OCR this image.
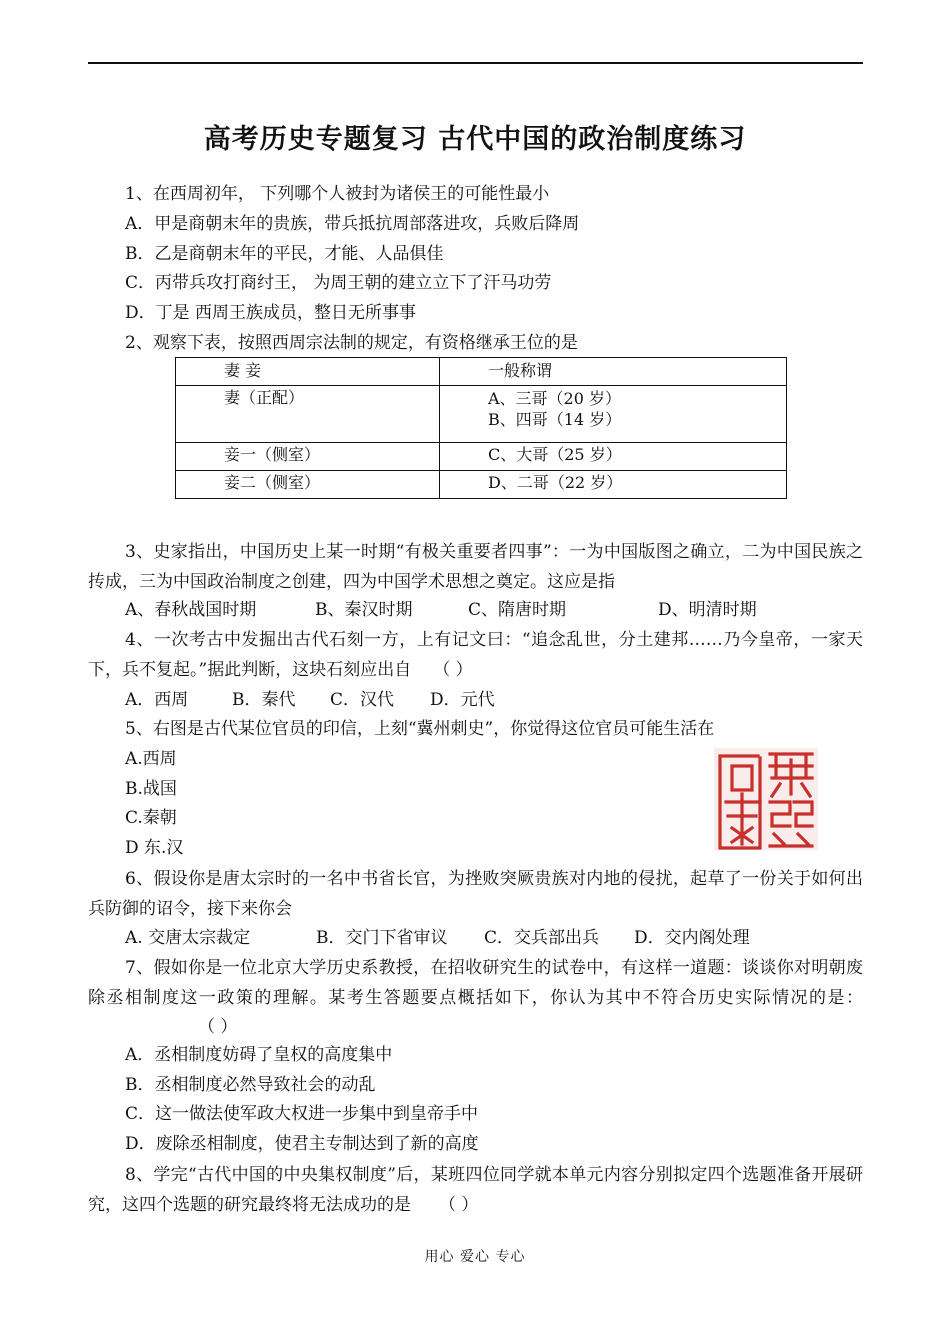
高考历史专题复习 古代中国的政治制度练习
1、在西周初年， 下列哪个人被封为诸侯王的可能性最小
A．甲是商朝末年的贵族，带兵抵抗周部落进攻，兵败后降周
B．乙是商朝末年的平民，才能、人品俱佳
C．丙带兵攻打商纣王， 为周王朝的建立立下了汗马功劳
D．丁是 西周王族成员，整日无所事事
2、观察下表，按照西周宗法制的规定，有资格继承王位的是
妻 妾	一般称谓
妻（正配）	A、三哥（20 岁）
B、四哥（14 岁）
妾一（侧室）	C、大哥（25 岁）
妾二（侧室）	D、二哥（22 岁）
3、史家指出，中国历史上某一时期“有极关重要者四事”：一为中国版图之确立，二为中国民族之抟成，三为中国政治制度之创建，四为中国学术思想之奠定。这应是指
A、春秋战国时期	B、秦汉时期	C、隋唐时期	D、明清时期
4、一次考古中发掘出古代石刻一方，上有记文曰：“追念乱世，分土建邦……乃今皇帝，一家天下，兵不复起。”据此判断，这块石刻应出自 （ ）
A．西周	B．秦代 C．汉代 D．元代
5、右图是古代某位官员的印信，上刻“冀州刺史”，你觉得这位官员可能生活在
A.西周
B.战国
C.秦朝
D 东.汉
6、假设你是唐太宗时的一名中书省长官，为挫败突厥贵族对内地的侵扰，起草了一份关于如何出兵防御的诏令，接下来你会
A. 交唐太宗裁定	B．交门下省审议 C．交兵部出兵 D．交内阁处理
7、假如你是一位北京大学历史系教授，在招收研究生的试卷中，有这样一道题：谈谈你对明朝废除丞相制度这一政策的理解。某考生答题要点概括如下，你认为其中不符合历史实际情况的是：（ ）
A．丞相制度妨碍了皇权的高度集中
B．丞相制度必然导致社会的动乱
C．这一做法使军政大权进一步集中到皇帝手中
D．废除丞相制度，使君主专制达到了新的高度
8、学完“古代中国的中央集权制度”后，某班四位同学就本单元内容分别拟定四个选题准备开展研究，这四个选题的研究最终将无法成功的是 （ ）
用心 爱心 专心
